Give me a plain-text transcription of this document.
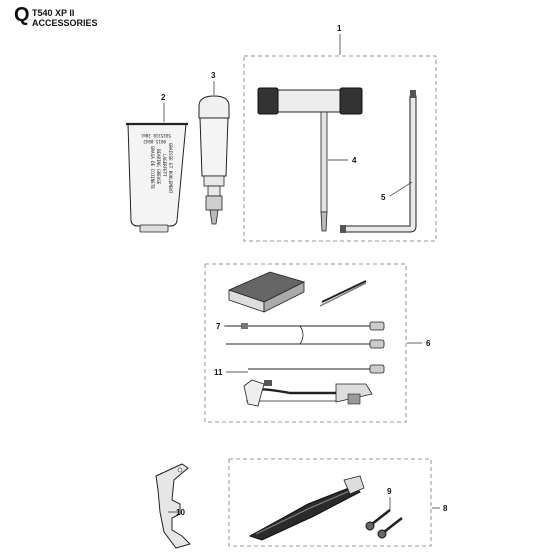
Q T540 XP II
ACCESSORIES
5035318 30ml
0015 0042
GRAISSE ET ROULEMENT
LAGERFETT
BEARING GREASE
GRASA DE COJINETE
1
2
3
4
5
6
7
8
9
10
11
